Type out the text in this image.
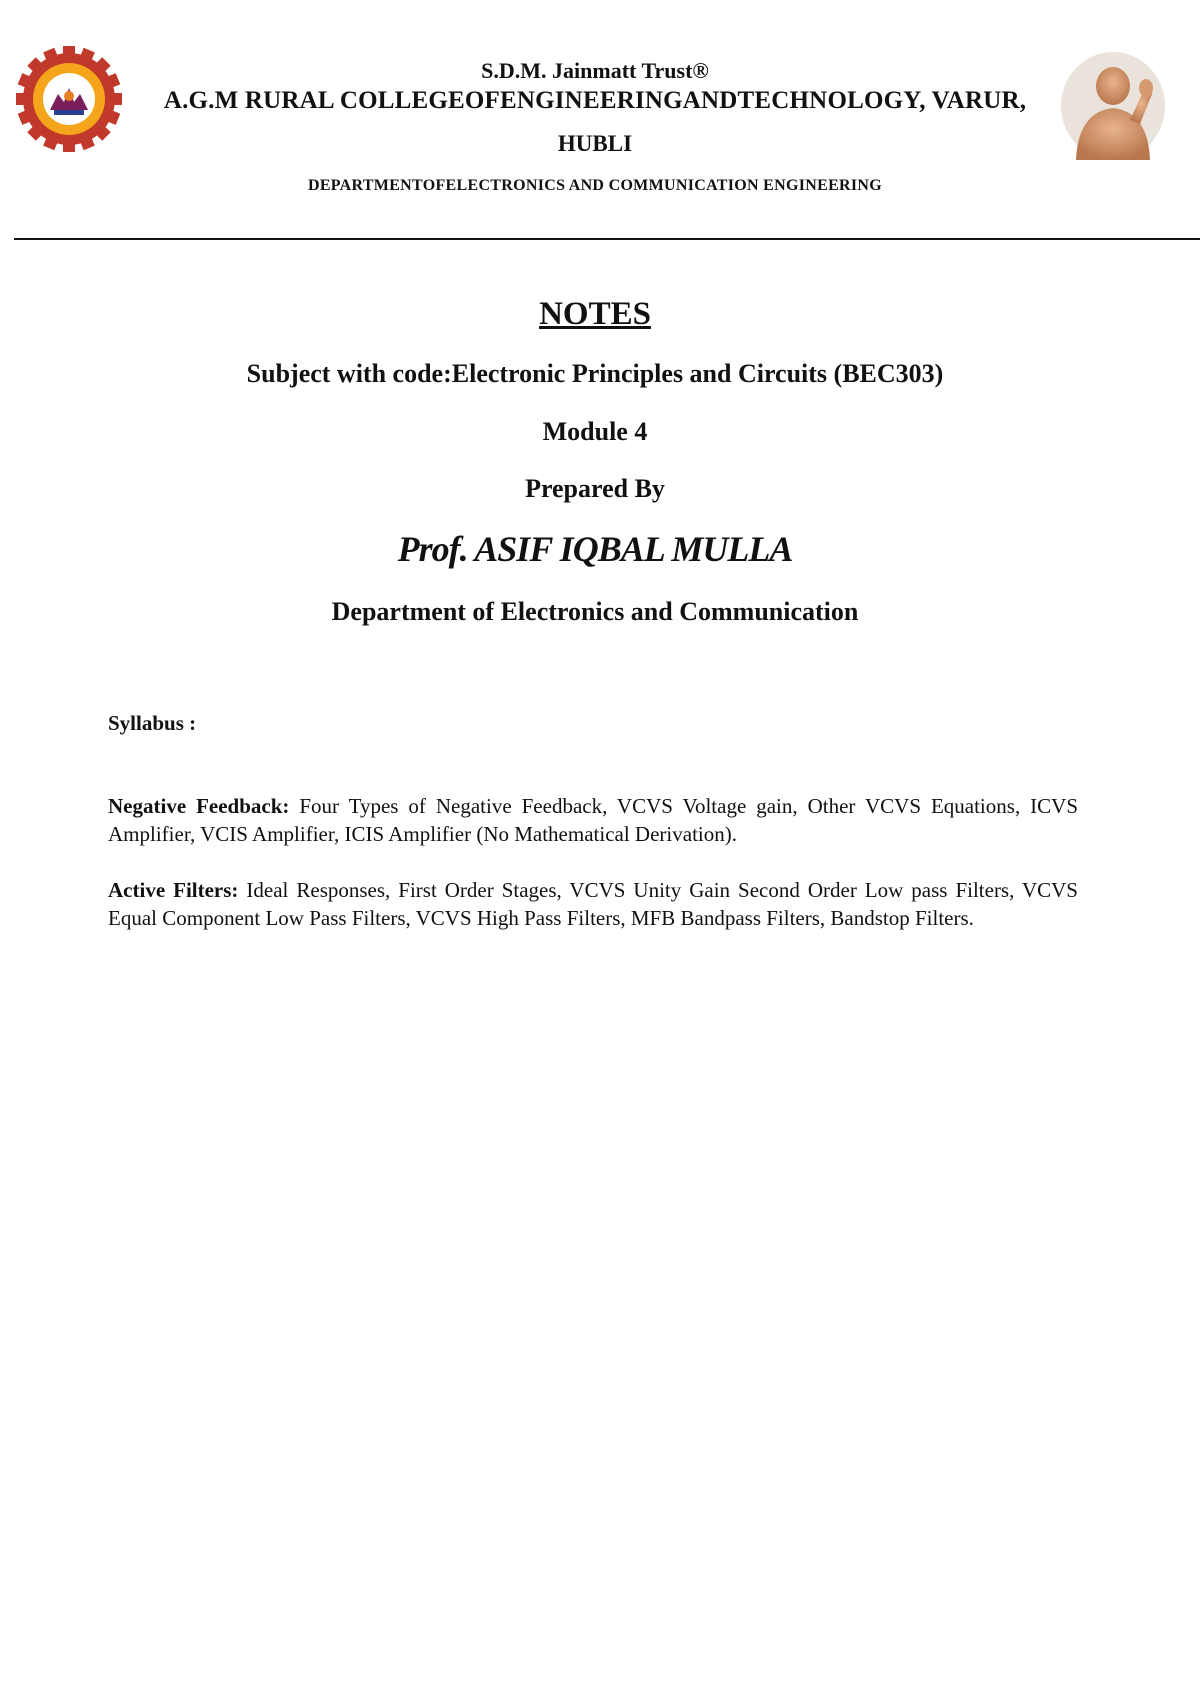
S.D.M. Jainmatt Trust®
A.G.M RURAL COLLEGEOFENGINEERINGANDTECHNOLOGY, VARUR,
HUBLI
DEPARTMENTOFELECTRONICS AND COMMUNICATION ENGINEERING
NOTES
Subject with code:Electronic Principles and Circuits (BEC303)
Module 4
Prepared By
Prof. ASIF IQBAL MULLA
Department of Electronics and Communication
Syllabus :
Negative Feedback: Four Types of Negative Feedback, VCVS Voltage gain, Other VCVS Equations, ICVS Amplifier, VCIS Amplifier, ICIS Amplifier (No Mathematical Derivation).
Active Filters: Ideal Responses, First Order Stages, VCVS Unity Gain Second Order Low pass Filters, VCVS Equal Component Low Pass Filters, VCVS High Pass Filters, MFB Bandpass Filters, Bandstop Filters.
